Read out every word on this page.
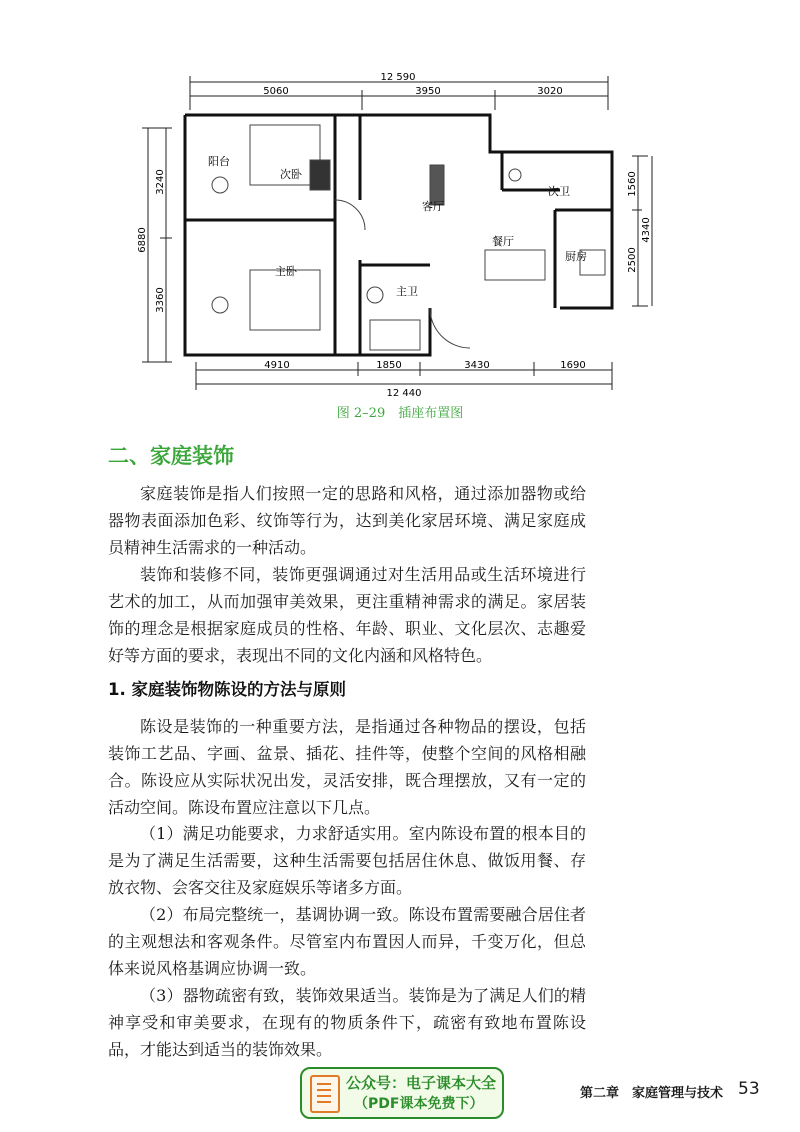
12 590
5060	3950	3020
4910	1850	3430	1690
12 440
3240
3360
6880
1560
4340
2500
阳台
次卧
客厅
次卫
餐厅
厨房
主卧
主卫
图 2–29　插座布置图
二、家庭装饰

家庭装饰是指人们按照一定的思路和风格，通过添加器物或给器物表面添加色彩、纹饰等行为，达到美化家居环境、满足家庭成员精神生活需求的一种活动。

装饰和装修不同，装饰更强调通过对生活用品或生活环境进行艺术的加工，从而加强审美效果，更注重精神需求的满足。家居装饰的理念是根据家庭成员的性格、年龄、职业、文化层次、志趣爱好等方面的要求，表现出不同的文化内涵和风格特色。

1. 家庭装饰物陈设的方法与原则

陈设是装饰的一种重要方法，是指通过各种物品的摆设，包括装饰工艺品、字画、盆景、插花、挂件等，使整个空间的风格相融合。陈设应从实际状况出发，灵活安排，既合理摆放，又有一定的活动空间。陈设布置应注意以下几点。

（1）满足功能要求，力求舒适实用。室内陈设布置的根本目的是为了满足生活需要，这种生活需要包括居住休息、做饭用餐、存放衣物、会客交往及家庭娱乐等诸多方面。

（2）布局完整统一，基调协调一致。陈设布置需要融合居住者的主观想法和客观条件。尽管室内布置因人而异，千变万化，但总体来说风格基调应协调一致。

（3）器物疏密有致，装饰效果适当。装饰是为了满足人们的精神享受和审美要求，在现有的物质条件下，疏密有致地布置陈设品，才能达到适当的装饰效果。

公众号：电子课本大全
（PDF课本免费下）
第二章　家庭管理与技术 53
